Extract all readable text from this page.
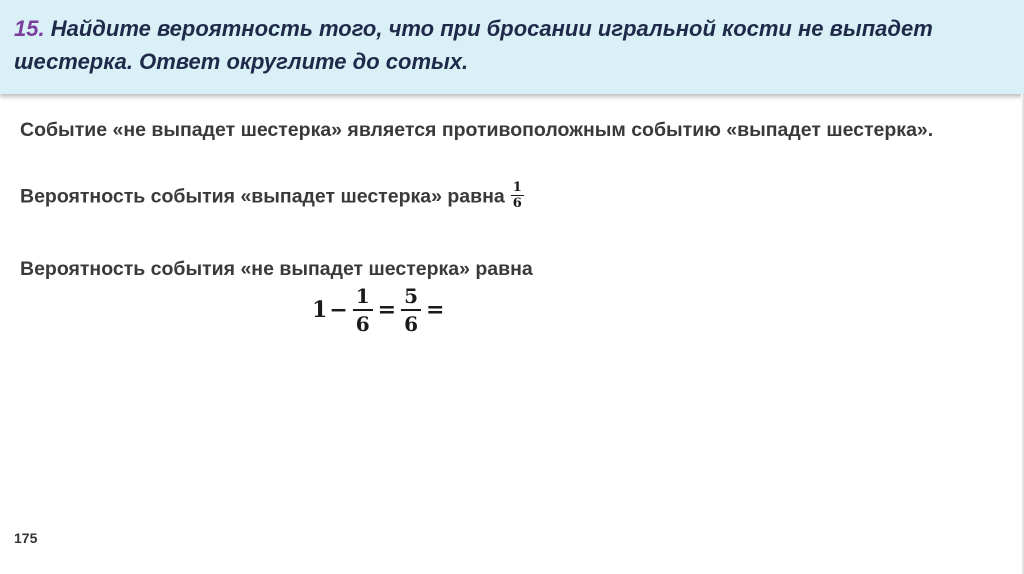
15. Найдите вероятность того, что при бросании игральной кости не выпадет шестерка. Ответ округлите до сотых.

Событие «не выпадет шестерка» является противоположным событию «выпадет шестерка».

Вероятность события «выпадет шестерка» равна $\frac{1}{6}$

Вероятность события «не выпадет шестерка» равна

$1 - \frac{1}{6} = \frac{5}{6}$ =
175
